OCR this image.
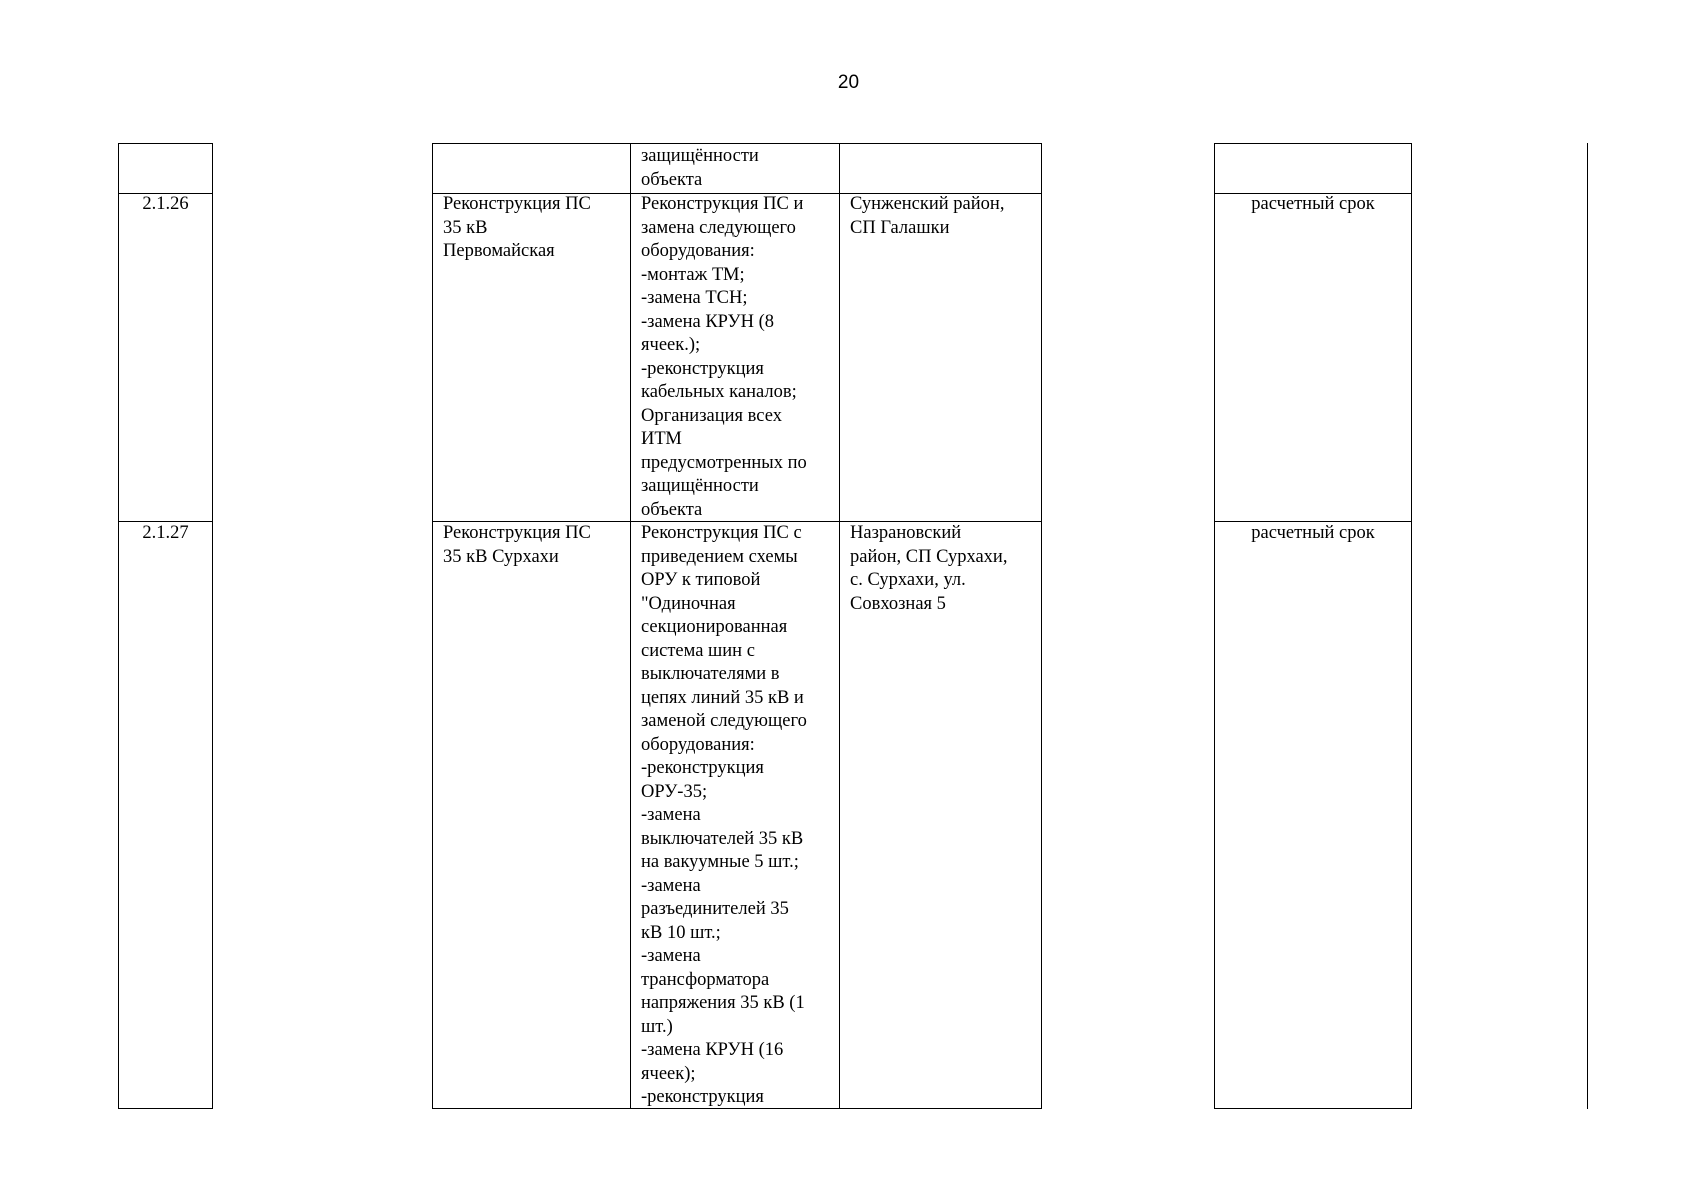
20
защищённости
объекта
2.1.26	Реконструкция ПС
35 кВ
Первомайская
Реконструкция ПС и
замена следующего
оборудования:
-монтаж ТМ;
-замена ТСН;
-замена КРУН (8
ячеек.);
-реконструкция
кабельных каналов;
Организация всех
ИТМ
предусмотренных по
защищённости
объекта
Сунженский район,
СП Галашки
расчетный срок
2.1.27	Реконструкция ПС
35 кВ Сурхахи
Реконструкция ПС с
приведением схемы
ОРУ к типовой
"Одиночная
секционированная
система шин с
выключателями в
цепях линий 35 кВ и
заменой следующего
оборудования:
-реконструкция
ОРУ-35;
-замена
выключателей 35 кВ
на вакуумные 5 шт.;
-замена
разъединителей 35
кВ 10 шт.;
-замена
трансформатора
напряжения 35 кВ (1
шт.)
-замена КРУН (16
ячеек);
-реконструкция
Назрановский
район, СП Сурхахи,
с. Сурхахи, ул.
Совхозная 5
расчетный срок
